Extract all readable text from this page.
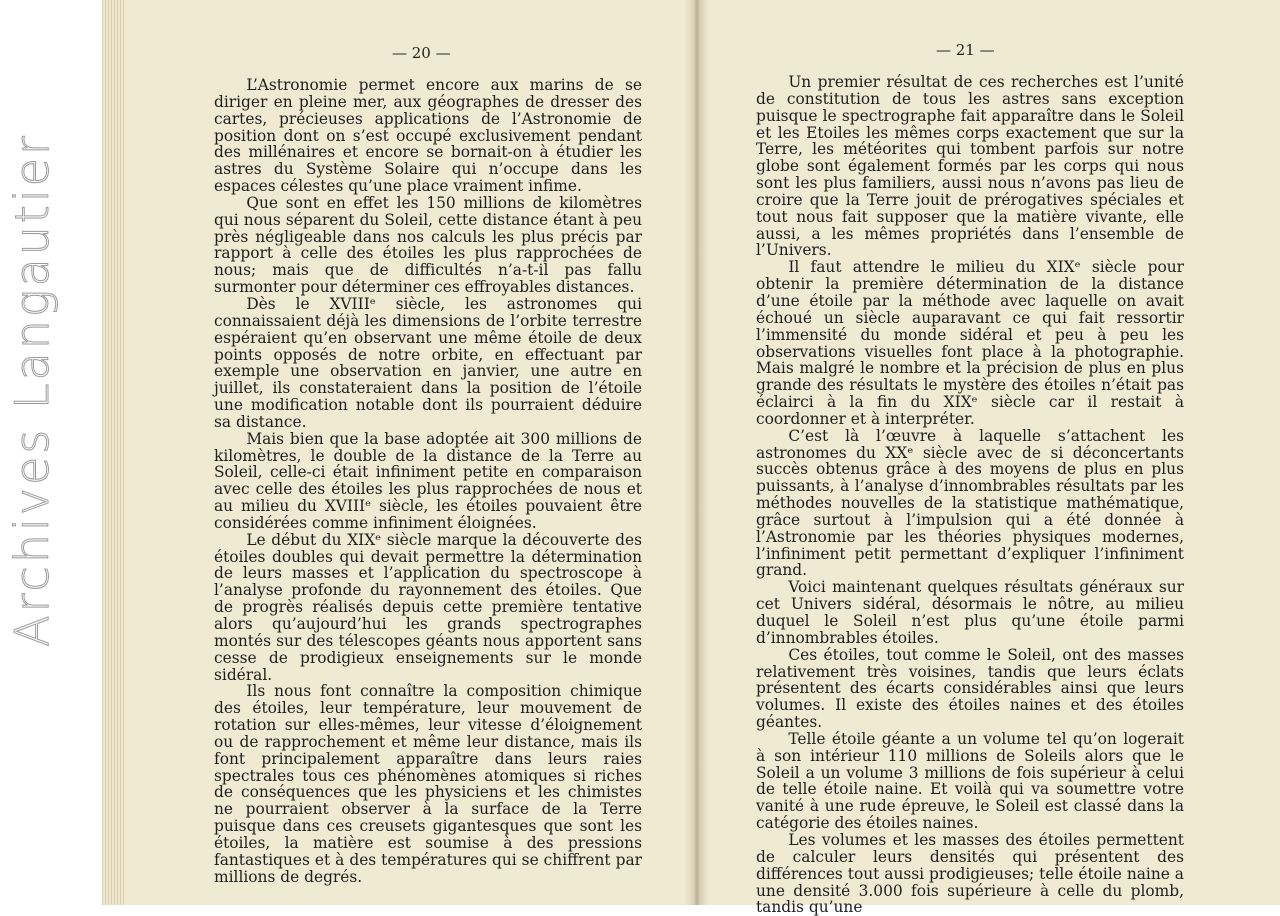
Archives Langautier
— 20 —	— 21 —

L’Astronomie permet encore aux marins de se diriger en pleine mer, aux géographes de dresser des cartes, précieuses applications de l’Astronomie de position dont on s’est occupé exclusivement pendant des millénaires et encore se bornait-on à étudier les astres du Système Solaire qui n’occupe dans les espaces célestes qu’une place vraiment infime.

Que sont en effet les 150 millions de kilomètres qui nous séparent du Soleil, cette distance étant à peu près négligeable dans nos calculs les plus précis par rapport à celle des étoiles les plus rapprochées de nous; mais que de difficultés n’a-t-il pas fallu surmonter pour déterminer ces effroyables distances.

Dès le XVIIIᵉ siècle, les astronomes qui connaissaient déjà les dimensions de l’orbite terrestre espéraient qu’en observant une même étoile de deux points opposés de notre orbite, en effectuant par exemple une observation en janvier, une autre en juillet, ils constateraient dans la position de l’étoile une modification notable dont ils pourraient déduire sa distance.

Mais bien que la base adoptée ait 300 millions de kilomètres, le double de la distance de la Terre au Soleil, celle-ci était infiniment petite en comparaison avec celle des étoiles les plus rapprochées de nous et au milieu du XVIIIᵉ siècle, les étoiles pouvaient être considérées comme infiniment éloignées.

Le début du XIXᵉ siècle marque la découverte des étoiles doubles qui devait permettre la détermination de leurs masses et l’application du spectroscope à l’analyse profonde du rayonnement des étoiles. Que de progrès réalisés depuis cette première tentative alors qu’aujourd’hui les grands spectrographes montés sur des télescopes géants nous apportent sans cesse de prodigieux enseignements sur le monde sidéral.

Ils nous font connaître la composition chimique des étoiles, leur température, leur mouvement de rotation sur elles-mêmes, leur vitesse d’éloignement ou de rapprochement et même leur distance, mais ils font principalement apparaître dans leurs raies spectrales tous ces phénomènes atomiques si riches de conséquences que les physiciens et les chimistes ne pourraient observer à la surface de la Terre puisque dans ces creusets gigantesques que sont les étoiles, la matière est soumise à des pressions fantastiques et à des températures qui se chiffrent par millions de degrés.

Un premier résultat de ces recherches est l’unité de constitution de tous les astres sans exception puisque le spectrographe fait apparaître dans le Soleil et les Etoiles les mêmes corps exactement que sur la Terre, les météorites qui tombent parfois sur notre globe sont également formés par les corps qui nous sont les plus familiers, aussi nous n’avons pas lieu de croire que la Terre jouit de prérogatives spéciales et tout nous fait supposer que la matière vivante, elle aussi, a les mêmes propriétés dans l’ensemble de l’Univers.

Il faut attendre le milieu du XIXᵉ siècle pour obtenir la première détermination de la distance d’une étoile par la méthode avec laquelle on avait échoué un siècle auparavant ce qui fait ressortir l’immensité du monde sidéral et peu à peu les observations visuelles font place à la photographie. Mais malgré le nombre et la précision de plus en plus grande des résultats le mystère des étoiles n’était pas éclairci à la fin du XIXᵉ siècle car il restait à coordonner et à interpréter.

C’est là l’œuvre à laquelle s’attachent les astronomes du XXᵉ siècle avec de si déconcertants succès obtenus grâce à des moyens de plus en plus puissants, à l’analyse d’innombrables résultats par les méthodes nouvelles de la statistique mathématique, grâce surtout à l’impulsion qui a été donnée à l’Astronomie par les théories physiques modernes, l’infiniment petit permettant d’expliquer l’infiniment grand.

Voici maintenant quelques résultats généraux sur cet Univers sidéral, désormais le nôtre, au milieu duquel le Soleil n’est plus qu’une étoile parmi d’innombrables étoiles.

Ces étoiles, tout comme le Soleil, ont des masses relativement très voisines, tandis que leurs éclats présentent des écarts considérables ainsi que leurs volumes. Il existe des étoiles naines et des étoiles géantes.

Telle étoile géante a un volume tel qu’on logerait à son intérieur 110 millions de Soleils alors que le Soleil a un volume 3 millions de fois supérieur à celui de telle étoile naine. Et voilà qui va soumettre votre vanité à une rude épreuve, le Soleil est classé dans la catégorie des étoiles naines.

Les volumes et les masses des étoiles permettent de calculer leurs densités qui présentent des différences tout aussi prodigieuses; telle étoile naine a une densité 3.000 fois supérieure à celle du plomb, tandis qu’une
